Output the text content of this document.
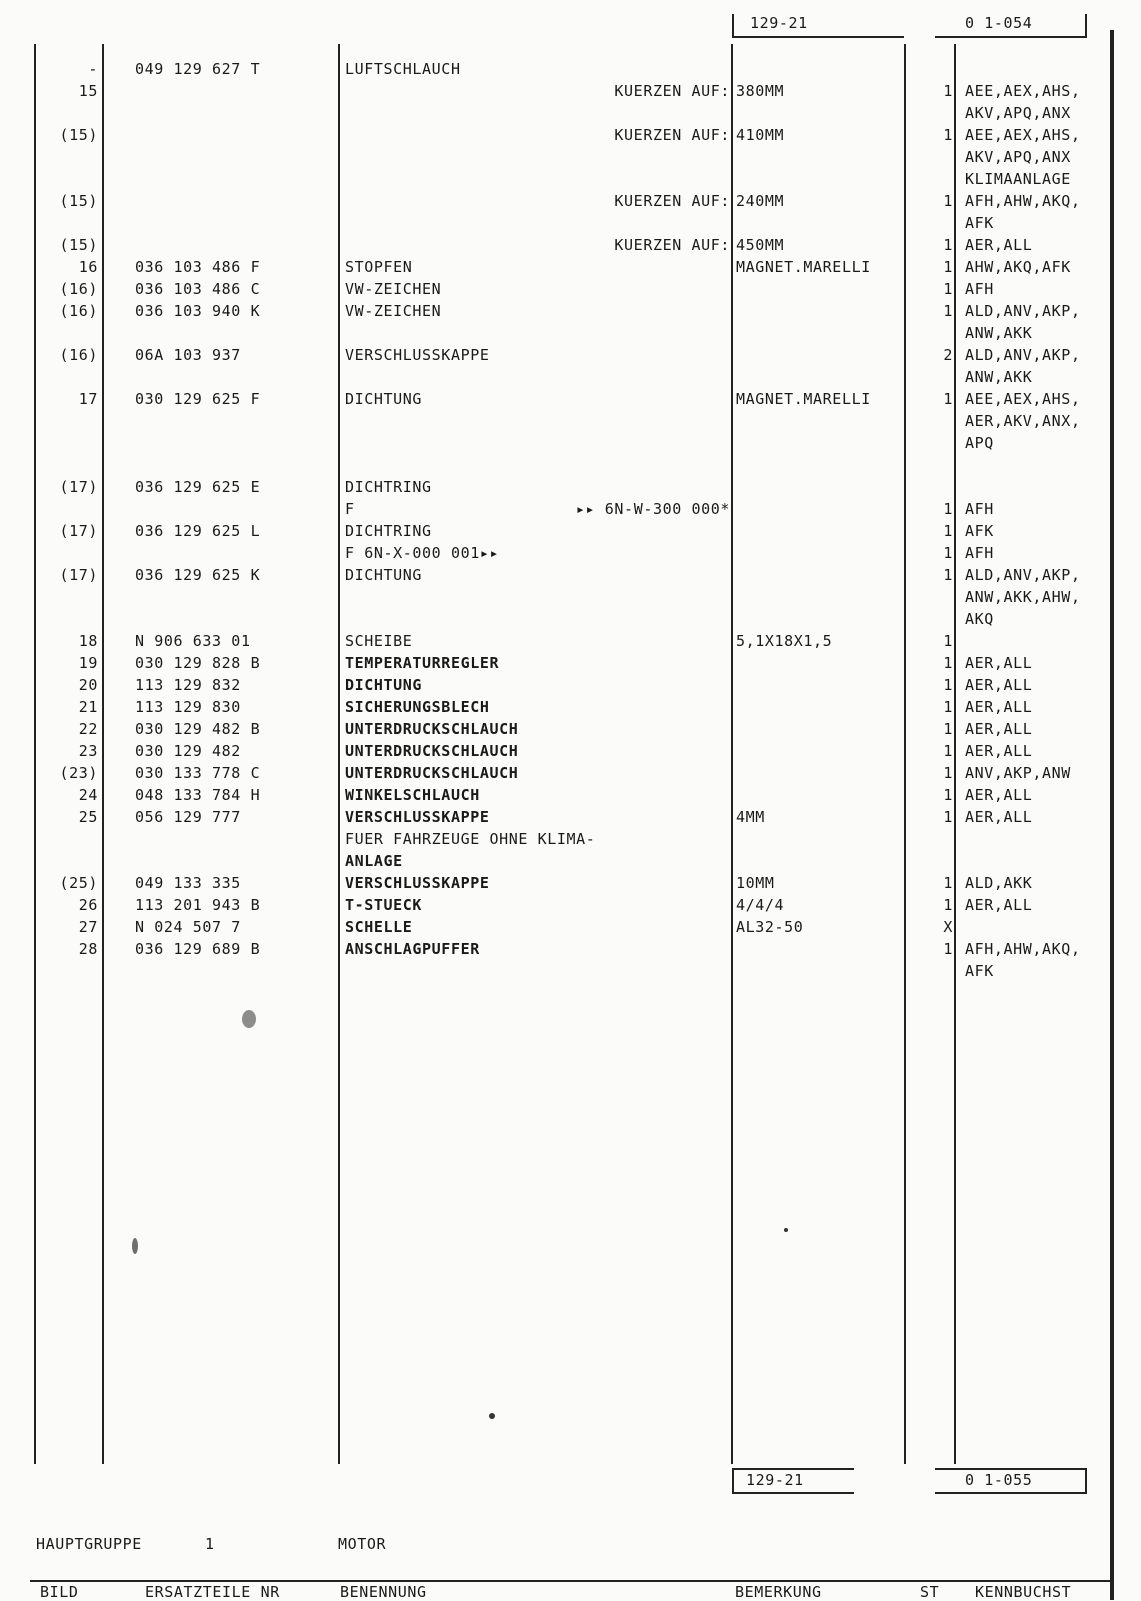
129-21	0 1-054
- 049 129 627 T	LUFTSCHLAUCH
15	KUERZEN AUF: 380MM	1 AEE,AEX,AHS,
AKV,APQ,ANX
(15)	KUERZEN AUF: 410MM	1 AEE,AEX,AHS,
AKV,APQ,ANX
KLIMAANLAGE
(15)	KUERZEN AUF: 240MM	1 AFH,AHW,AKQ,
AFK
(15)	KUERZEN AUF: 450MM	1 AER,ALL
16 036 103 486 F	STOPFEN	MAGNET.MARELLI	1 AHW,AKQ,AFK
(16) 036 103 486 C	VW-ZEICHEN	1 AFH
(16) 036 103 940 K	VW-ZEICHEN	1 ALD,ANV,AKP,
ANW,AKK
(16) 06A 103 937	VERSCHLUSSKAPPE	2 ALD,ANV,AKP,
ANW,AKK
17 030 129 625 F	DICHTUNG	MAGNET.MARELLI	1 AEE,AEX,AHS,
AER,AKV,ANX,
APQ
(17) 036 129 625 E	DICHTRING
F	▸▸ 6N-W-300 000*	1 AFH
(17) 036 129 625 L	DICHTRING	1 AFK
F 6N-X-000 001▸▸	1 AFH
(17) 036 129 625 K	DICHTUNG	1 ALD,ANV,AKP,
ANW,AKK,AHW,
AKQ
18 N 906 633 01	SCHEIBE	5,1X18X1,5	1
19 030 129 828 B	TEMPERATURREGLER	1 AER,ALL
20 113 129 832	DICHTUNG	1 AER,ALL
21 113 129 830	SICHERUNGSBLECH	1 AER,ALL
22 030 129 482 B	UNTERDRUCKSCHLAUCH	1 AER,ALL
23 030 129 482	UNTERDRUCKSCHLAUCH	1 AER,ALL
(23) 030 133 778 C	UNTERDRUCKSCHLAUCH	1 ANV,AKP,ANW
24 048 133 784 H	WINKELSCHLAUCH	1 AER,ALL
25 056 129 777	VERSCHLUSSKAPPE	4MM	1 AER,ALL
FUER FAHRZEUGE OHNE KLIMA-
ANLAGE
(25) 049 133 335	VERSCHLUSSKAPPE	10MM	1 ALD,AKK
26 113 201 943 B	T-STUECK	4/4/4	1 AER,ALL
27 N 024 507 7	SCHELLE	AL32-50	X
28 036 129 689 B	ANSCHLAGPUFFER	1 AFH,AHW,AKQ,
AFK
129-21	0 1-055
HAUPTGRUPPE	1	MOTOR
BILD	ERSATZTEILE NR	BENENNUNG	BEMERKUNG	ST KENNBUCHST
